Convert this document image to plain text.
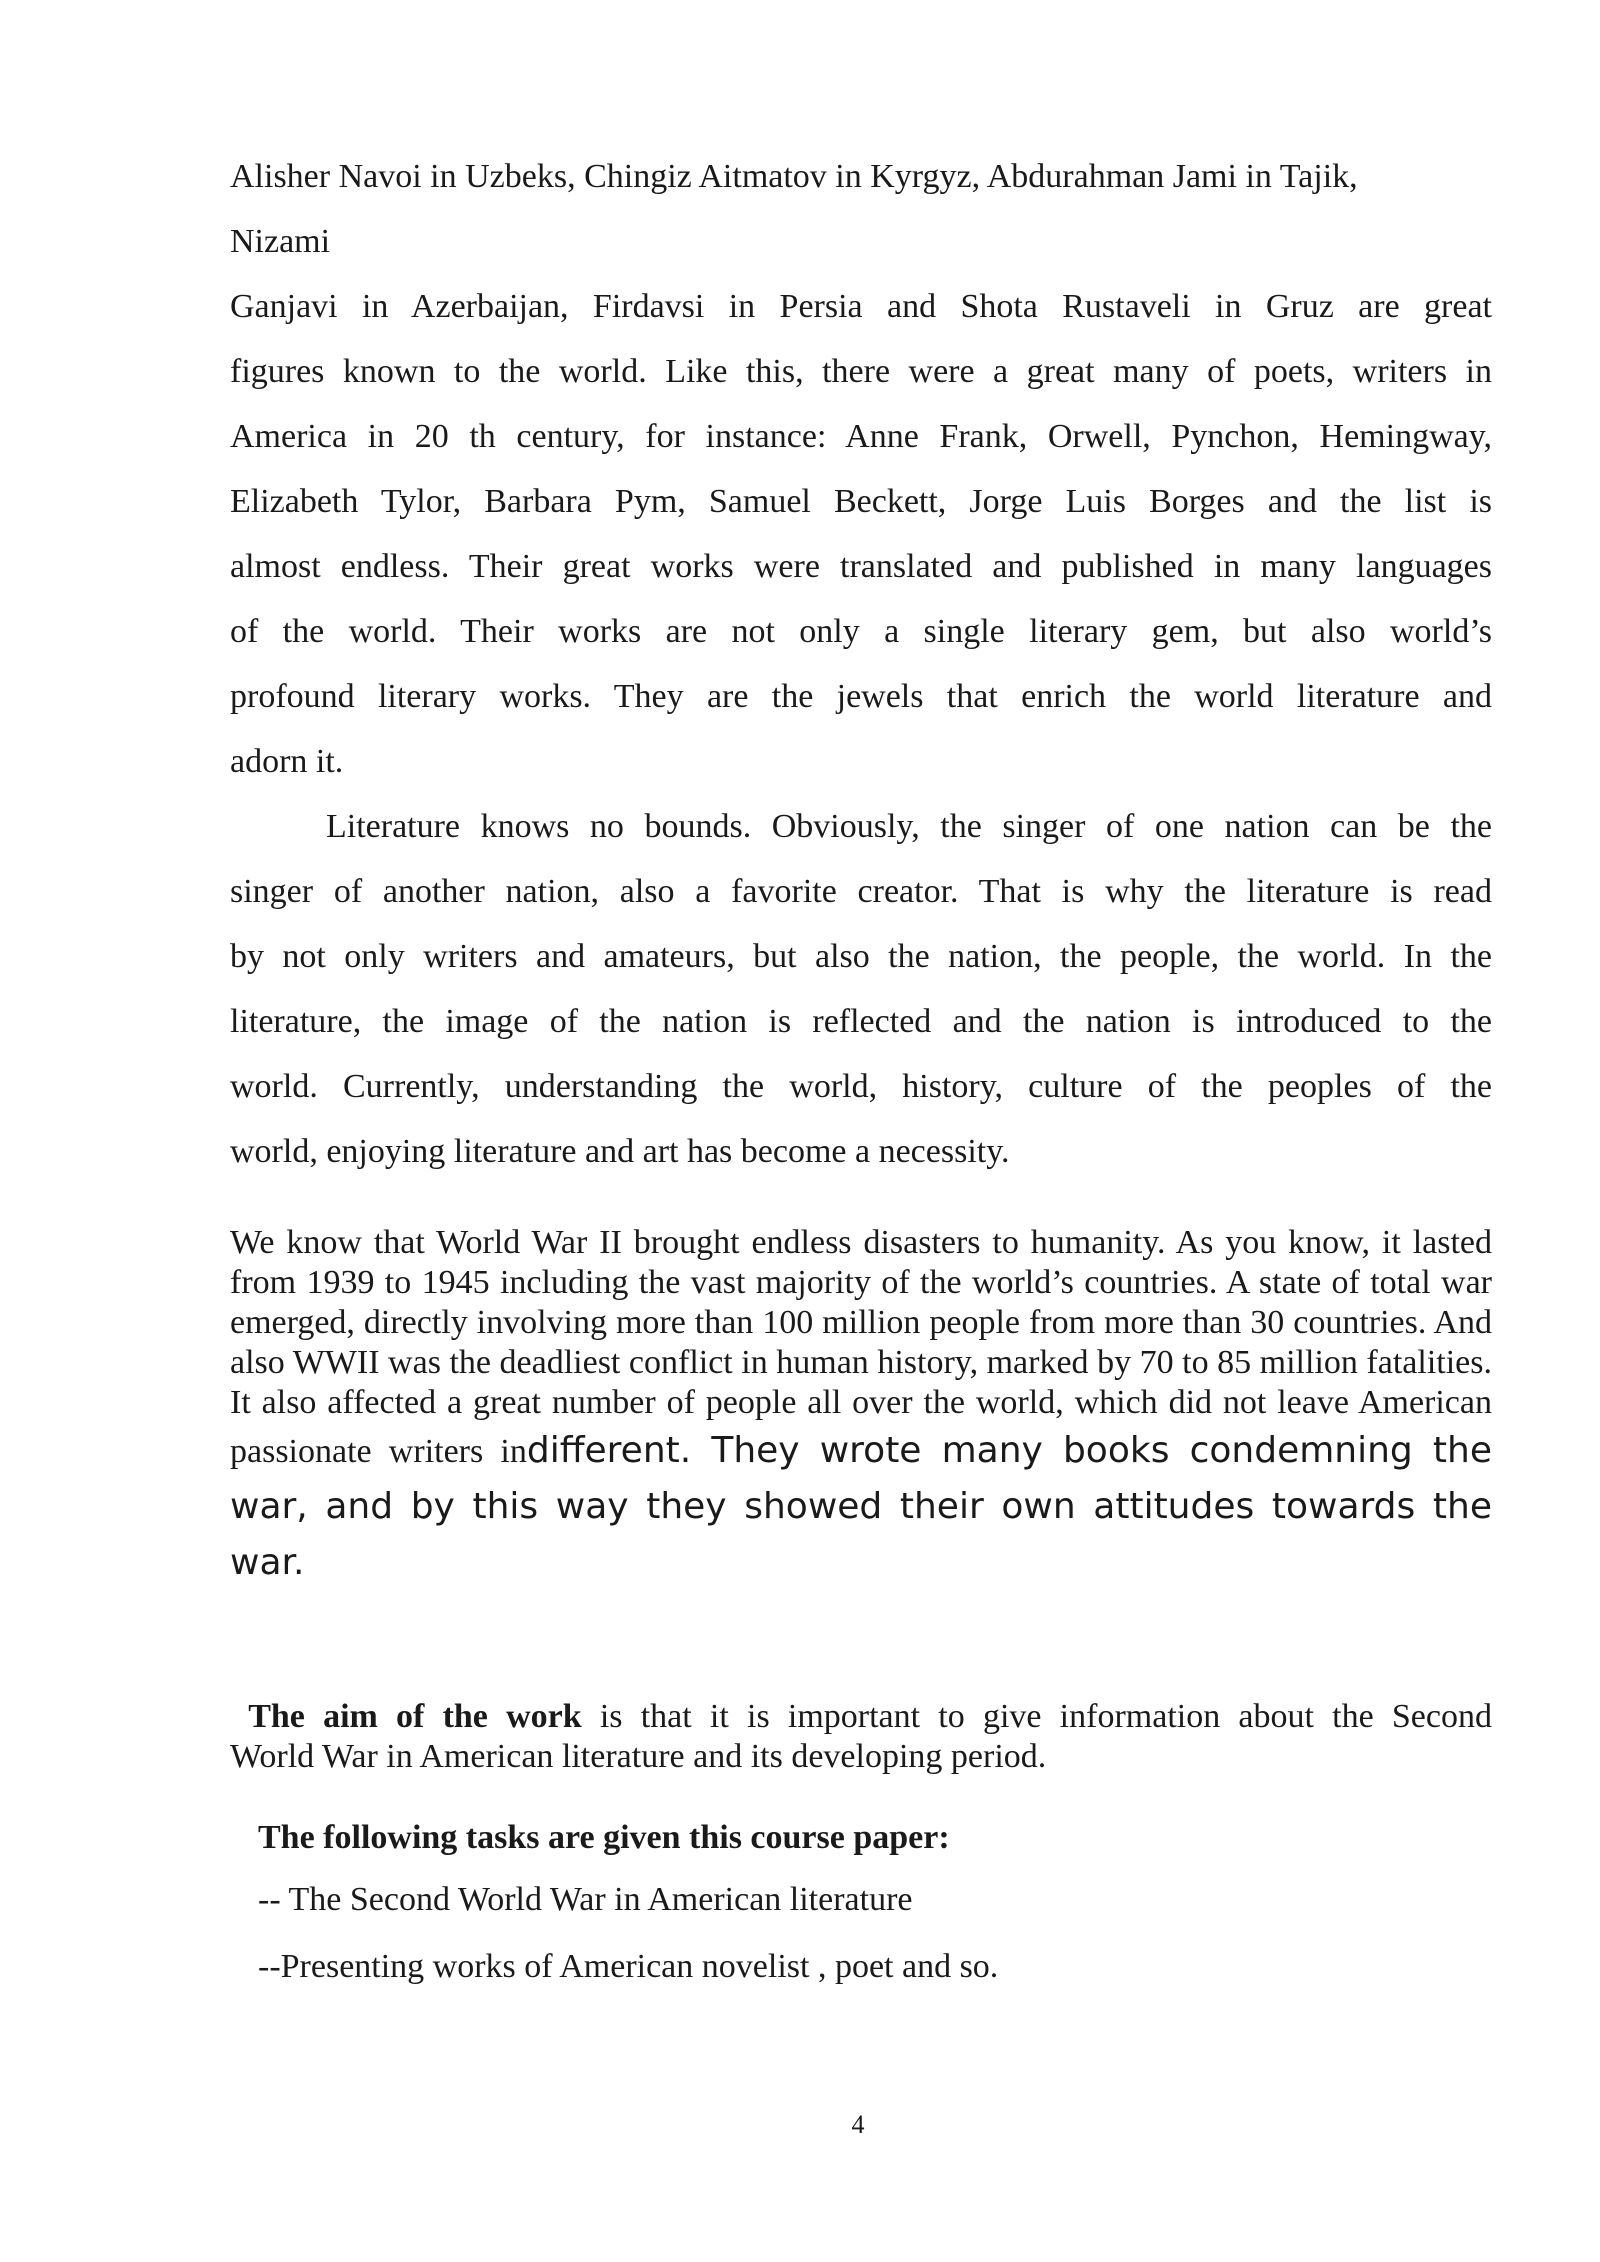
Alisher Navoi in Uzbeks, Chingiz Aitmatov in Kyrgyz, Abdurahman Jami in Tajik,
Nizami
Ganjavi in Azerbaijan, Firdavsi in Persia and Shota Rustaveli in Gruz are great
figures known to the world. Like this, there were a great many of poets, writers in
America in 20 th century, for instance: Anne Frank, Orwell, Pynchon, Hemingway,
Elizabeth Tylor, Barbara Pym, Samuel Beckett, Jorge Luis Borges and the list is
almost endless. Their great works were translated and published in many languages
of the world. Their works are not only a single literary gem, but also world’s
profound literary works. They are the jewels that enrich the world literature and
adorn it.
Literature knows no bounds. Obviously, the singer of one nation can be the
singer of another nation, also a favorite creator. That is why the literature is read
by not only writers and amateurs, but also the nation, the people, the world. In the
literature, the image of the nation is reflected and the nation is introduced to the
world. Currently, understanding the world, history, culture of the peoples of the
world, enjoying literature and art has become a necessity.
We know that World War II brought endless disasters to humanity. As you know, it lasted from 1939 to 1945 including the vast majority of the world’s countries. A state of total war emerged, directly involving more than 100 million people from more than 30 countries. And also WWII was the deadliest conflict in human history, marked by 70 to 85 million fatalities. It also affected a great number of people all over the world, which did not leave American passionate writers indifferent. They wrote many books condemning the war, and by this way they showed their own attitudes towards the war.
The aim of the work is that it is important to give information about the Second
World War in American literature and its developing period.
The following tasks are given this course paper:
-- The Second World War in American literature
--Presenting works of American novelist , poet and so.
4
